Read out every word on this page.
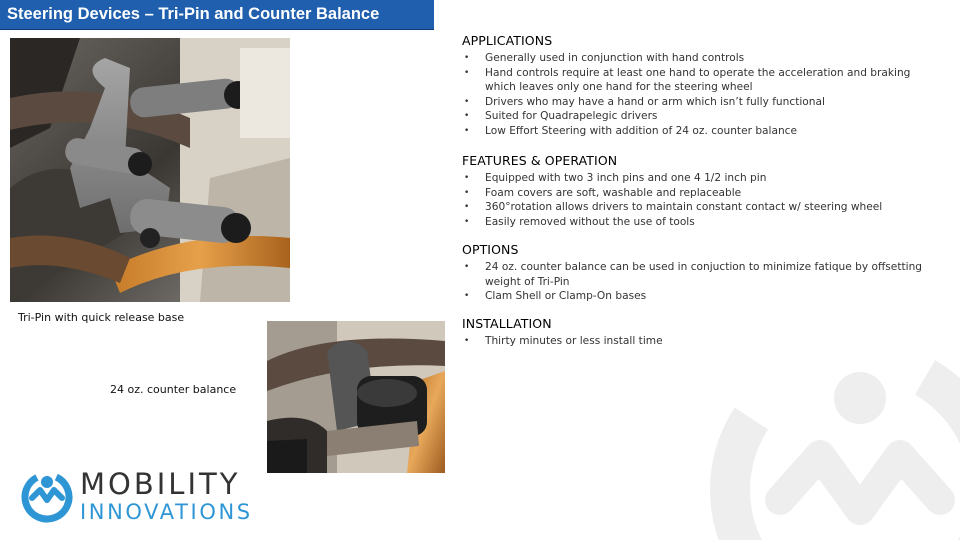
Steering Devices – Tri-Pin and Counter Balance
Tri-Pin with quick release base
24 oz. counter balance
APPLICATIONS
• Generally used in conjunction with hand controls
• Hand controls require at least one hand to operate the acceleration and braking which leaves only one hand for the steering wheel
• Drivers who may have a hand or arm which isn’t fully functional
• Suited for Quadrapelegic drivers
• Low Effort Steering with addition of 24 oz. counter balance
FEATURES & OPERATION
• Equipped with two 3 inch pins and one 4 1/2 inch pin
• Foam covers are soft, washable and replaceable
• 360°rotation allows drivers to maintain constant contact w/ steering wheel
• Easily removed without the use of tools
OPTIONS
• 24 oz. counter balance can be used in conjuction to minimize fatique by offsetting weight of Tri-Pin
• Clam Shell or Clamp-On bases
INSTALLATION
• Thirty minutes or less install time
MOBILITY
INNOVATIONS
